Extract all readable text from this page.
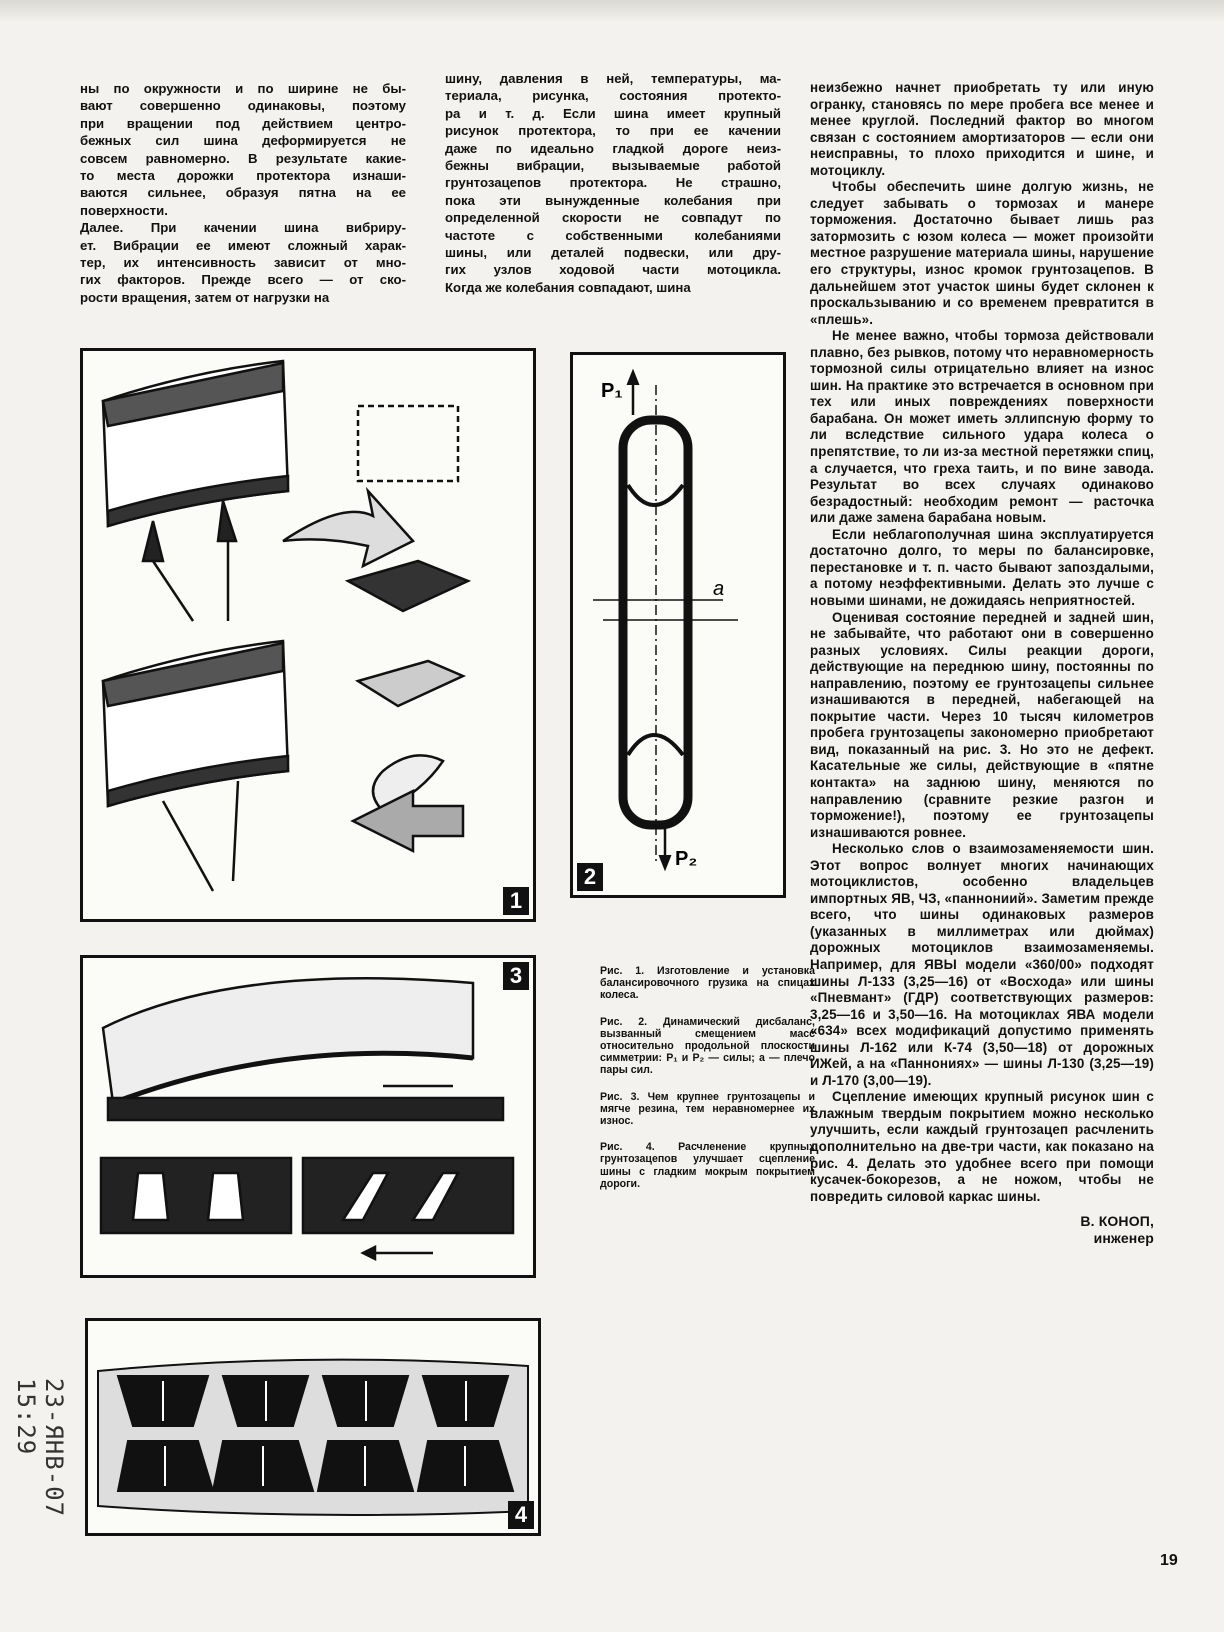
ны по окружности и по ширине не бы-
вают совершенно одинаковы, поэтому
при вращении под действием центро-
бежных сил шина деформируется не
совсем равномерно. В результате какие-
то места дорожки протектора изнаши-
ваются сильнее, образуя пятна на ее
поверхности.
Далее. При качении шина вибриру-
ет. Вибрации ее имеют сложный харак-
тер, их интенсивность зависит от мно-
гих факторов. Прежде всего — от ско-
рости вращения, затем от нагрузки на
шину, давления в ней, температуры, ма-
териала, рисунка, состояния протекто-
ра и т. д. Если шина имеет крупный
рисунок протектора, то при ее качении
даже по идеально гладкой дороге неиз-
бежны вибрации, вызываемые работой
грунтозацепов протектора. Не страшно,
пока эти вынужденные колебания при
определенной скорости не совпадут по
частоте с собственными колебаниями
шины, или деталей подвески, или дру-
гих узлов ходовой части мотоцикла.
Когда же колебания совпадают, шина

неизбежно начнет приобретать ту или иную огранку, становясь по мере пробега все менее и менее круглой. Последний фактор во многом связан с состоянием амортизаторов — если они неисправны, то плохо приходится и шине, и мотоциклу.

Чтобы обеспечить шине долгую жизнь, не следует забывать о тормозах и манере торможения. Достаточно бывает лишь раз затормозить с юзом колеса — может произойти местное разрушение материала шины, нарушение его структуры, износ кромок грунтозацепов. В дальнейшем этот участок шины будет склонен к проскальзыванию и со временем превратится в «плешь».

Не менее важно, чтобы тормоза действовали плавно, без рывков, потому что неравномерность тормозной силы отрицательно влияет на износ шин. На практике это встречается в основном при тех или иных повреждениях поверхности барабана. Он может иметь эллипсную форму то ли вследствие сильного удара колеса о препятствие, то ли из-за местной перетяжки спиц, а случается, что греха таить, и по вине завода. Результат во всех случаях одинаково безрадостный: необходим ремонт — расточка или даже замена барабана новым.

Если неблагополучная шина эксплуатируется достаточно долго, то меры по балансировке, перестановке и т. п. часто бывают запоздалыми, а потому неэффективными. Делать это лучше с новыми шинами, не дожидаясь неприятностей.

Оценивая состояние передней и задней шин, не забывайте, что работают они в совершенно разных условиях. Силы реакции дороги, действующие на переднюю шину, постоянны по направлению, поэтому ее грунтозацепы сильнее изнашиваются в передней, набегающей на покрытие части. Через 10 тысяч километров пробега грунтозацепы закономерно приобретают вид, показанный на рис. 3. Но это не дефект. Касательные же силы, действующие в «пятне контакта» на заднюю шину, меняются по направлению (сравните резкие разгон и торможение!), поэтому ее грунтозацепы изнашиваются ровнее.

Несколько слов о взаимозаменяемости шин. Этот вопрос волнует многих начинающих мотоциклистов, особенно владельцев импортных ЯВ, ЧЗ, «паннониий». Заметим прежде всего, что шины одинаковых размеров (указанных в миллиметрах или дюймах) дорожных мотоциклов взаимозаменяемы. Например, для ЯВЫ модели «360/00» подходят шины Л-133 (3,25—16) от «Восхода» или шины «Пневмант» (ГДР) соответствующих размеров: 3,25—16 и 3,50—16. На мотоциклах ЯВА модели «634» всех модификаций допустимо применять шины Л-162 или К-74 (3,50—18) от дорожных ИЖей, а на «Паннониях» — шины Л-130 (3,25—19) и Л-170 (3,00—19).

Сцепление имеющих крупный рисунок шин с влажным твердым покрытием можно несколько улучшить, если каждый грунтозацеп расчленить дополнительно на две-три части, как показано на рис. 4. Делать это удобнее всего при помощи кусачек-бокорезов, а не ножом, чтобы не повредить силовой каркас шины.

В. КОНОП,
инженер
1
P₁
P₂
a
2
3	Рис. 1. Изготовление и установка балансировочного грузика на спицах колеса.

Рис. 2. Динамический дисбаланс, вызванный смещением масс относительно продольной плоскости симметрии: P₁ и P₂ — силы; а — плечо пары сил.

Рис. 3. Чем крупнее грунтозацепы и мягче резина, тем неравномернее их износ.

Рис. 4. Расчленение крупных грунтозацепов улучшает сцепление шины с гладким мокрым покрытием дороги.

4
19
23-ЯНВ-07 15:29
